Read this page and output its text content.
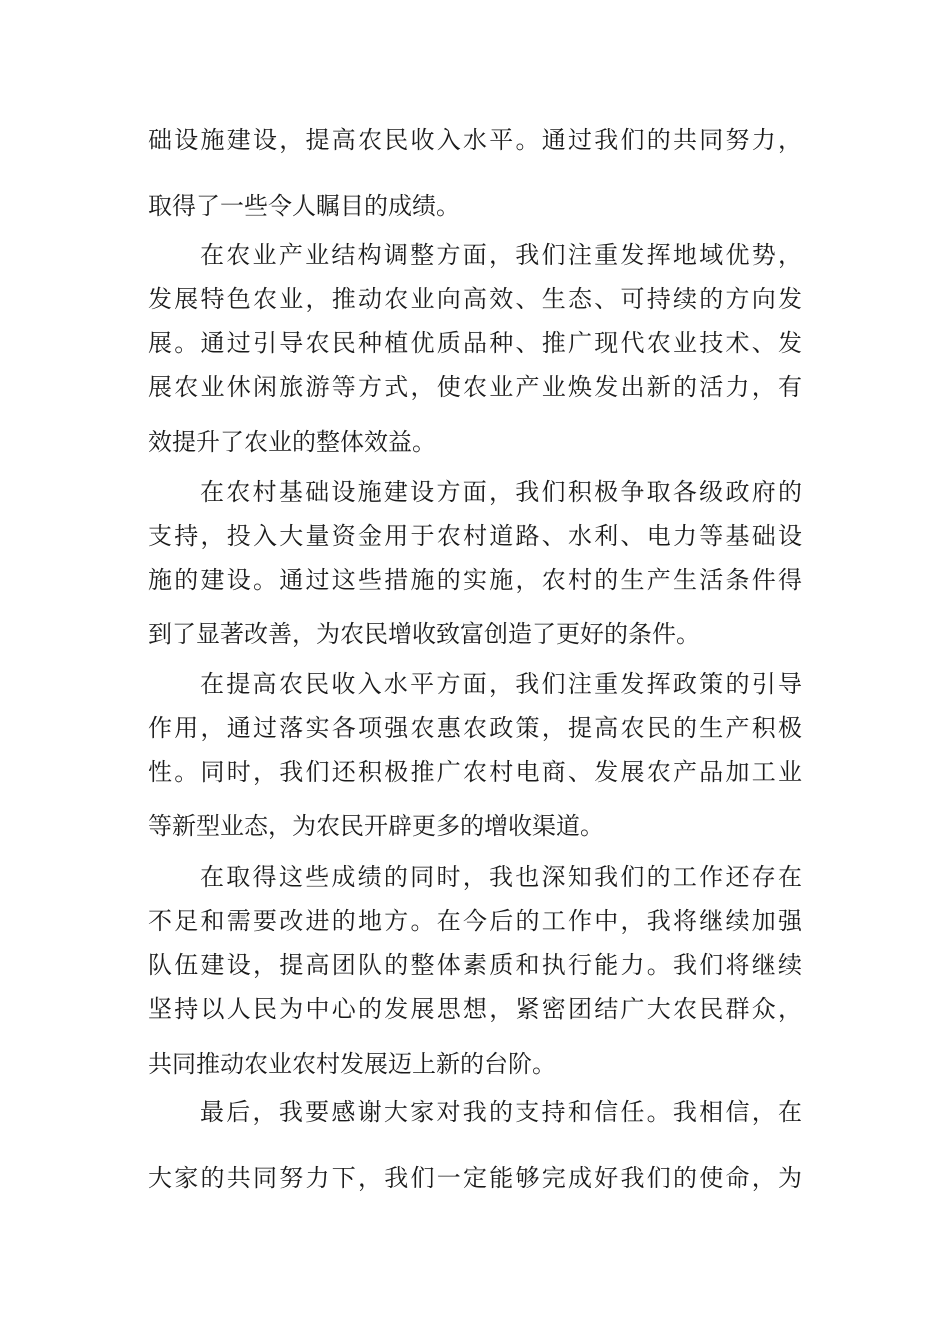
础设施建设，提高农民收入水平。通过我们的共同努力，
取得了一些令人瞩目的成绩。
在农业产业结构调整方面，我们注重发挥地域优势，
发展特色农业，推动农业向高效、生态、可持续的方向发
展。通过引导农民种植优质品种、推广现代农业技术、发
展农业休闲旅游等方式，使农业产业焕发出新的活力，有
效提升了农业的整体效益。
在农村基础设施建设方面，我们积极争取各级政府的
支持，投入大量资金用于农村道路、水利、电力等基础设
施的建设。通过这些措施的实施，农村的生产生活条件得
到了显著改善，为农民增收致富创造了更好的条件。
在提高农民收入水平方面，我们注重发挥政策的引导
作用，通过落实各项强农惠农政策，提高农民的生产积极
性。同时，我们还积极推广农村电商、发展农产品加工业
等新型业态，为农民开辟更多的增收渠道。
在取得这些成绩的同时，我也深知我们的工作还存在
不足和需要改进的地方。在今后的工作中，我将继续加强
队伍建设，提高团队的整体素质和执行能力。我们将继续
坚持以人民为中心的发展思想，紧密团结广大农民群众，
共同推动农业农村发展迈上新的台阶。
最后，我要感谢大家对我的支持和信任。我相信，在
大家的共同努力下，我们一定能够完成好我们的使命，为
